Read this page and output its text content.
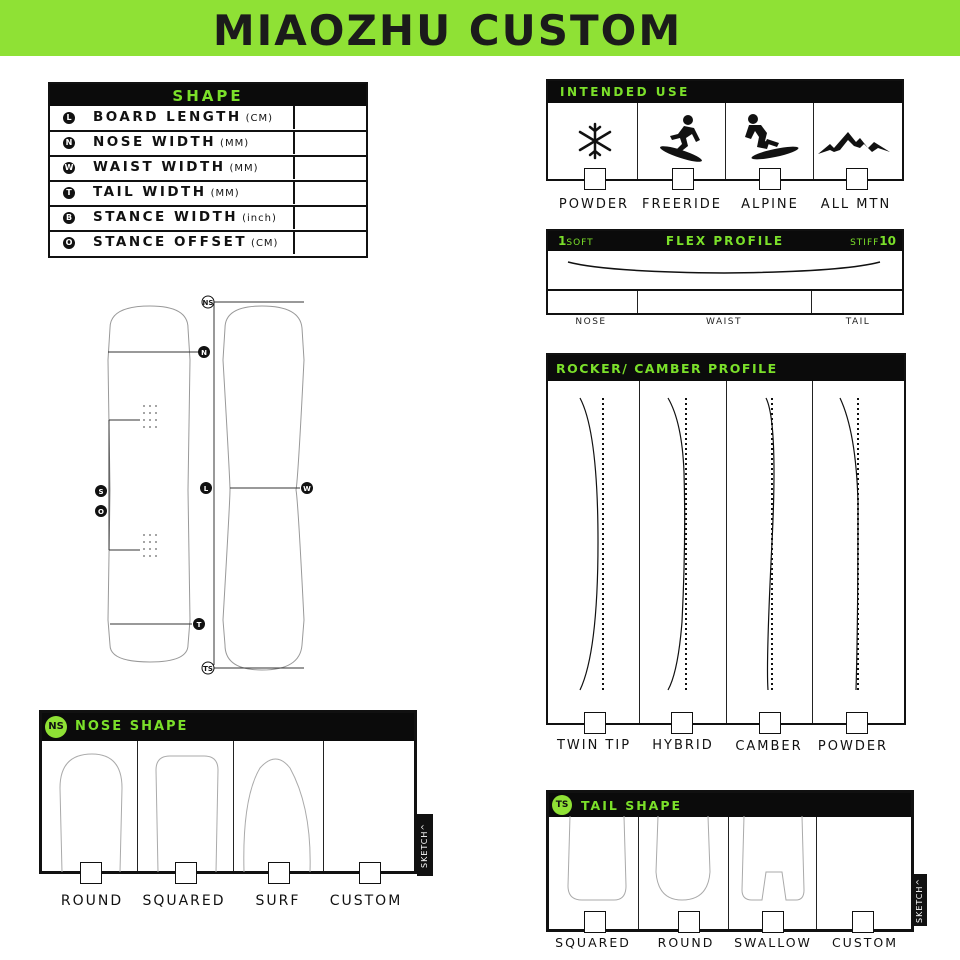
MIAOZHU CUSTOM
SHAPE
L BOARD LENGTH (CM)
N NOSE WIDTH (MM)
W WAIST WIDTH (MM)
T TAIL WIDTH (MM)
B STANCE WIDTH (inch)
O STANCE OFFSET (CM)
NS
N
L	W
S
O
T
TS
INTENDED USE
POWDER FREERIDE	ALPINE	ALL MTN
1SOFT	FLEX PROFILE	STIFF10
NOSE	WAIST	TAIL
ROCKER/ CAMBER PROFILE
TWIN TIP	HYBRID	CAMBER	POWDER
NS NOSE SHAPE
SKETCH^
ROUND	SQUARED	SURF	CUSTOM
TS TAIL SHAPE
SKETCH^
SQUARED	ROUND	SWALLOW	CUSTOM
